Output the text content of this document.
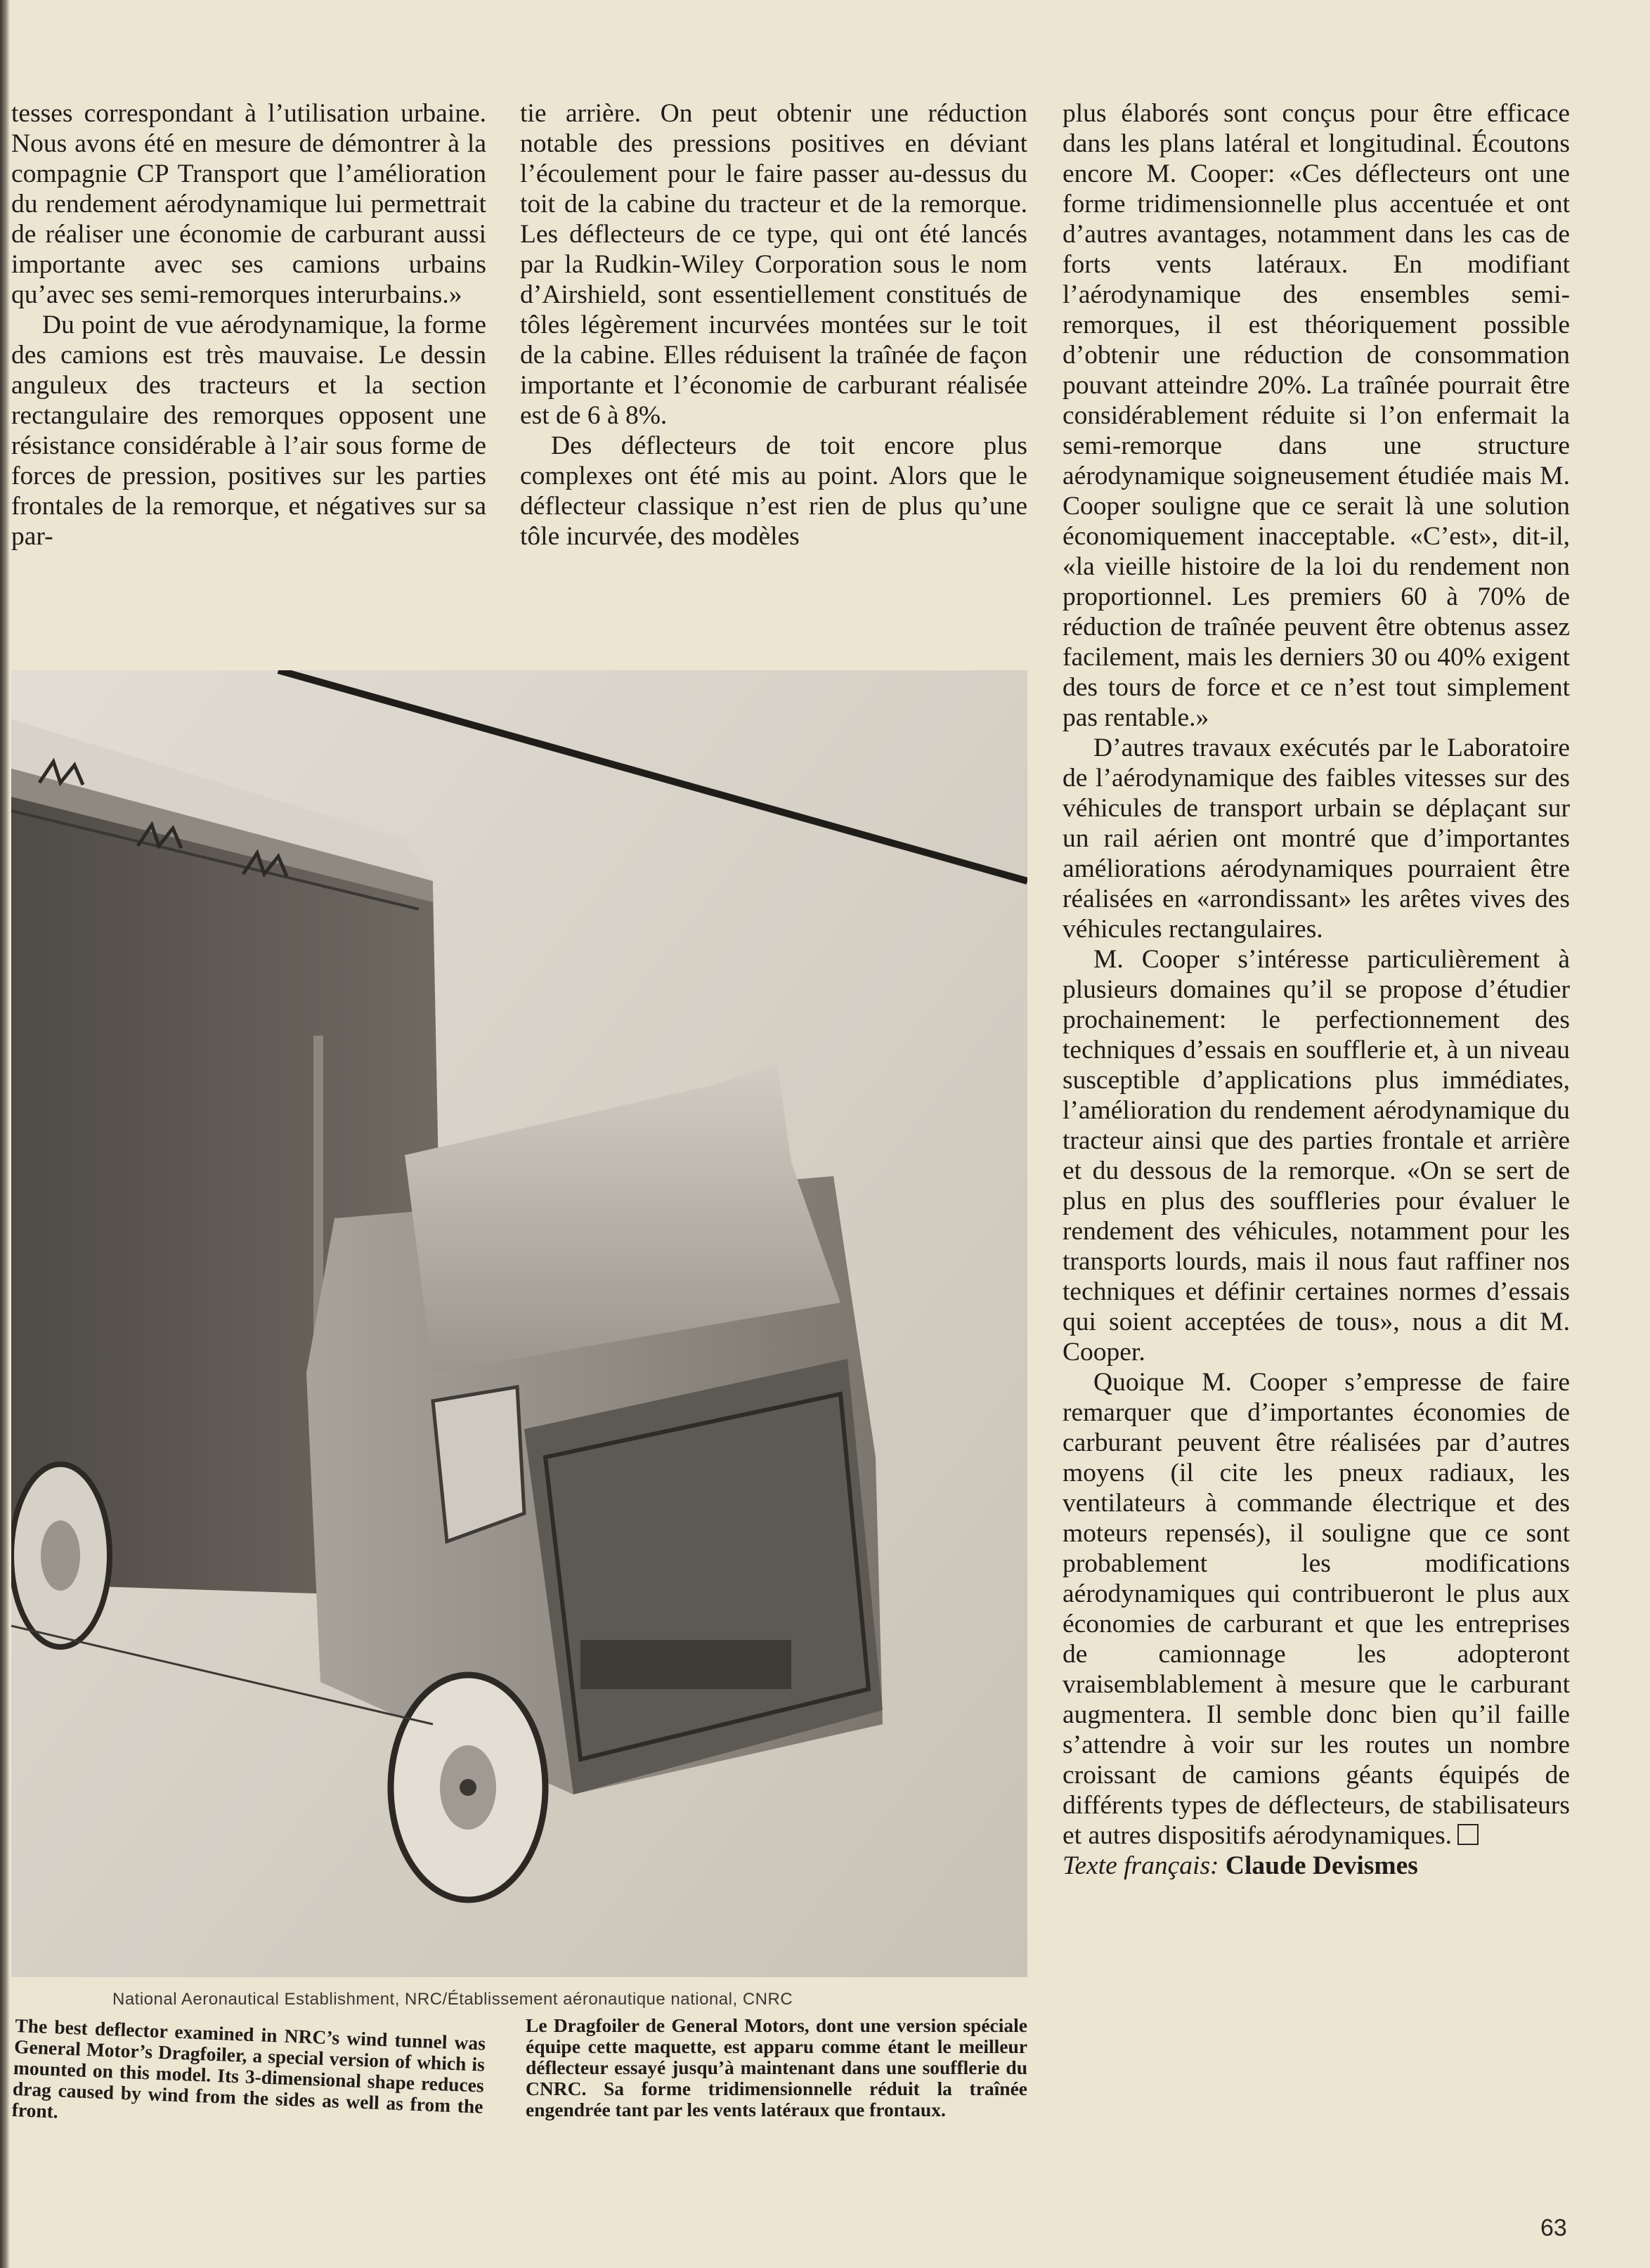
tesses correspondant à l’utilisation urbaine. Nous avons été en mesure de démontrer à la compagnie CP Transport que l’amélioration du rendement aérodynamique lui permettrait de réaliser une économie de carburant aussi importante avec ses camions urbains qu’avec ses semi-remorques interurbains.»

Du point de vue aérodynamique, la forme des camions est très mauvaise. Le dessin anguleux des tracteurs et la section rectangulaire des remorques opposent une résistance considérable à l’air sous forme de forces de pression, positives sur les parties frontales de la remorque, et négatives sur sa par-

tie arrière. On peut obtenir une réduction notable des pressions positives en déviant l’écoulement pour le faire passer au-dessus du toit de la cabine du tracteur et de la remorque. Les déflecteurs de ce type, qui ont été lancés par la Rudkin-Wiley Corporation sous le nom d’Airshield, sont essentiellement constitués de tôles légèrement incurvées montées sur le toit de la cabine. Elles réduisent la traînée de façon importante et l’économie de carburant réalisée est de 6 à 8%.

Des déflecteurs de toit encore plus complexes ont été mis au point. Alors que le déflecteur classique n’est rien de plus qu’une tôle incurvée, des modèles

plus élaborés sont conçus pour être efficace dans les plans latéral et longitudinal. Écoutons encore M. Cooper: «Ces déflecteurs ont une forme tridimensionnelle plus accentuée et ont d’autres avantages, notamment dans les cas de forts vents latéraux. En modifiant l’aérodynamique des ensembles semi-remorques, il est théoriquement possible d’obtenir une réduction de consommation pouvant atteindre 20%. La traînée pourrait être considérablement réduite si l’on enfermait la semi-remorque dans une structure aérodynamique soigneusement étudiée mais M. Cooper souligne que ce serait là une solution économiquement inacceptable. «C’est», dit-il, «la vieille histoire de la loi du rendement non proportionnel. Les premiers 60 à 70% de réduction de traînée peuvent être obtenus assez facilement, mais les derniers 30 ou 40% exigent des tours de force et ce n’est tout simplement pas rentable.»

D’autres travaux exécutés par le Laboratoire de l’aérodynamique des faibles vitesses sur des véhicules de transport urbain se déplaçant sur un rail aérien ont montré que d’importantes améliorations aérodynamiques pourraient être réalisées en «arrondissant» les arêtes vives des véhicules rectangulaires.

M. Cooper s’intéresse particulièrement à plusieurs domaines qu’il se propose d’étudier prochainement: le perfectionnement des techniques d’essais en soufflerie et, à un niveau susceptible d’applications plus immédiates, l’amélioration du rendement aérodynamique du tracteur ainsi que des parties frontale et arrière et du dessous de la remorque. «On se sert de plus en plus des souffleries pour évaluer le rendement des véhicules, notamment pour les transports lourds, mais il nous faut raffiner nos techniques et définir certaines normes d’essais qui soient acceptées de tous», nous a dit M. Cooper.

Quoique M. Cooper s’empresse de faire remarquer que d’importantes économies de carburant peuvent être réalisées par d’autres moyens (il cite les pneux radiaux, les ventilateurs à commande électrique et des moteurs repensés), il souligne que ce sont probablement les modifications aérodynamiques qui contribueront le plus aux économies de carburant et que les entreprises de camionnage les adopteront vraisemblablement à mesure que le carburant augmentera. Il semble donc bien qu’il faille s’attendre à voir sur les routes un nombre croissant de camions géants équipés de différents types de déflecteurs, de stabilisateurs et autres dispositifs aérodynamiques.

Texte français: Claude Devismes

National Aeronautical Establishment, NRC/Établissement aéronautique national, CNRC
The best deflector examined in NRC’s wind tunnel was General Motor’s Dragfoiler, a special version of which is mounted on this model. Its 3-dimensional shape reduces drag caused by wind from the sides as well as from the front.
Le Dragfoiler de General Motors, dont une version spéciale équipe cette maquette, est apparu comme étant le meilleur déflecteur essayé jusqu’à maintenant dans une soufflerie du CNRC. Sa forme tridimensionnelle réduit la traînée engendrée tant par les vents latéraux que frontaux.
63
